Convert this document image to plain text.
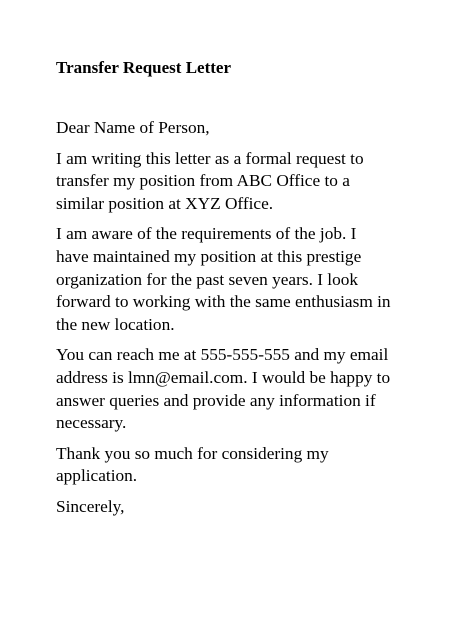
Transfer Request Letter
Dear Name of Person,
I am writing this letter as a formal request to
transfer my position from ABC Office to a
similar position at XYZ Office.
I am aware of the requirements of the job. I
have maintained my position at this prestige
organization for the past seven years. I look
forward to working with the same enthusiasm in
the new location.
You can reach me at 555-555-555 and my email
address is lmn@email.com. I would be happy to
answer queries and provide any information if
necessary.
Thank you so much for considering my
application.
Sincerely,
